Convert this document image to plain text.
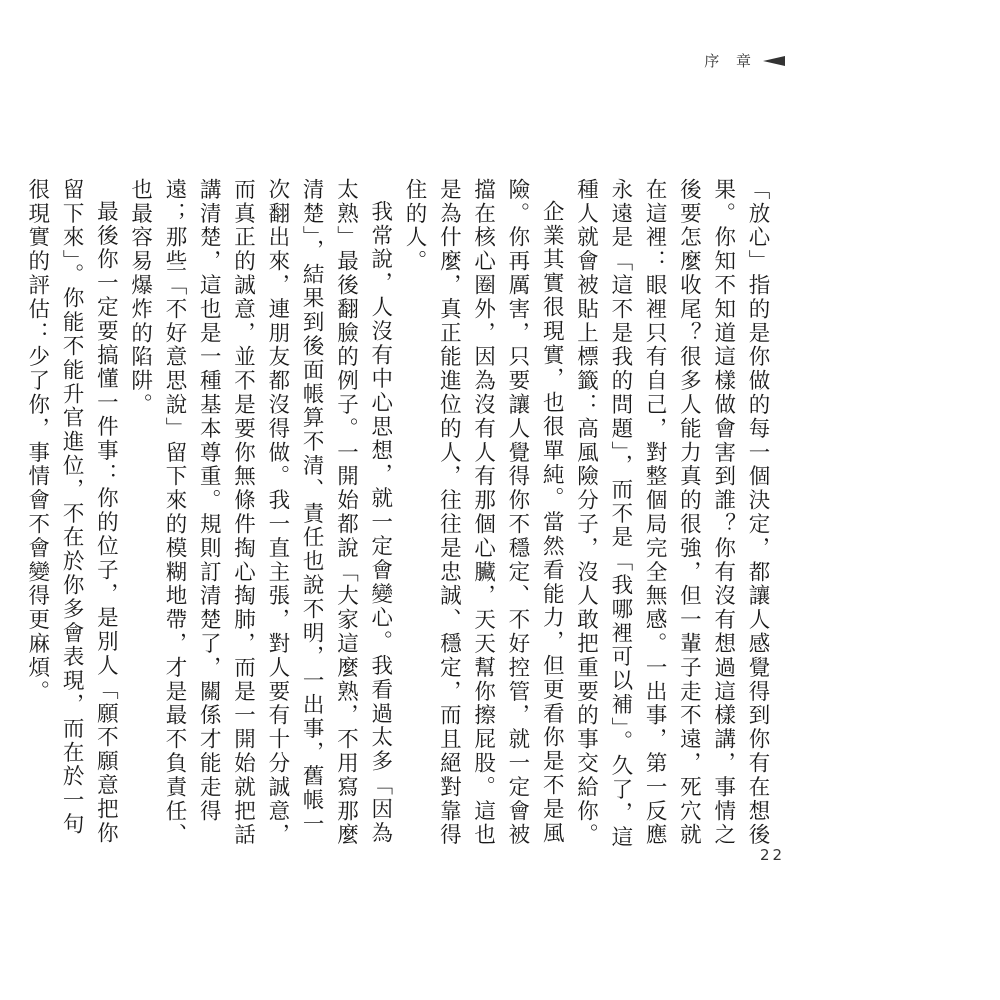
序 章

「放心」指的是你做的每一個決定，都讓人感覺得到你有在想後果。你知不知道這樣做會害到誰？你有沒有想過這樣講，事情之後要怎麼收尾？很多人能力真的很強，但一輩子走不遠，死穴就在這裡：眼裡只有自己，對整個局完全無感。一出事，第一反應永遠是「這不是我的問題」，而不是「我哪裡可以補」。久了，這種人就會被貼上標籤：高風險分子，沒人敢把重要的事交給你。

企業其實很現實，也很單純。當然看能力，但更看你是不是風險。你再厲害，只要讓人覺得你不穩定、不好控管，就一定會被擋在核心圈外，因為沒有人有那個心臟，天天幫你擦屁股。這也是為什麼，真正能進位的人，往往是忠誠、穩定，而且絕對靠得住的人。

我常說，人沒有中心思想，就一定會變心。我看過太多「因為太熟」最後翻臉的例子。一開始都說「大家這麼熟，不用寫那麼清楚」，結果到後面帳算不清、責任也說不明，一出事，舊帳一次翻出來，連朋友都沒得做。我一直主張，對人要有十分誠意，而真正的誠意，並不是要你無條件掏心掏肺，而是一開始就把話講清楚，這也是一種基本尊重。規則訂清楚了，關係才能走得遠；那些「不好意思說」留下來的模糊地帶，才是最不負責任、也最容易爆炸的陷阱。

最後你一定要搞懂一件事：你的位子，是別人「願不願意把你留下來」。你能不能升官進位，不在於你多會表現，而在於一句很現實的評估：少了你，事情會不會變得更麻煩。

22
